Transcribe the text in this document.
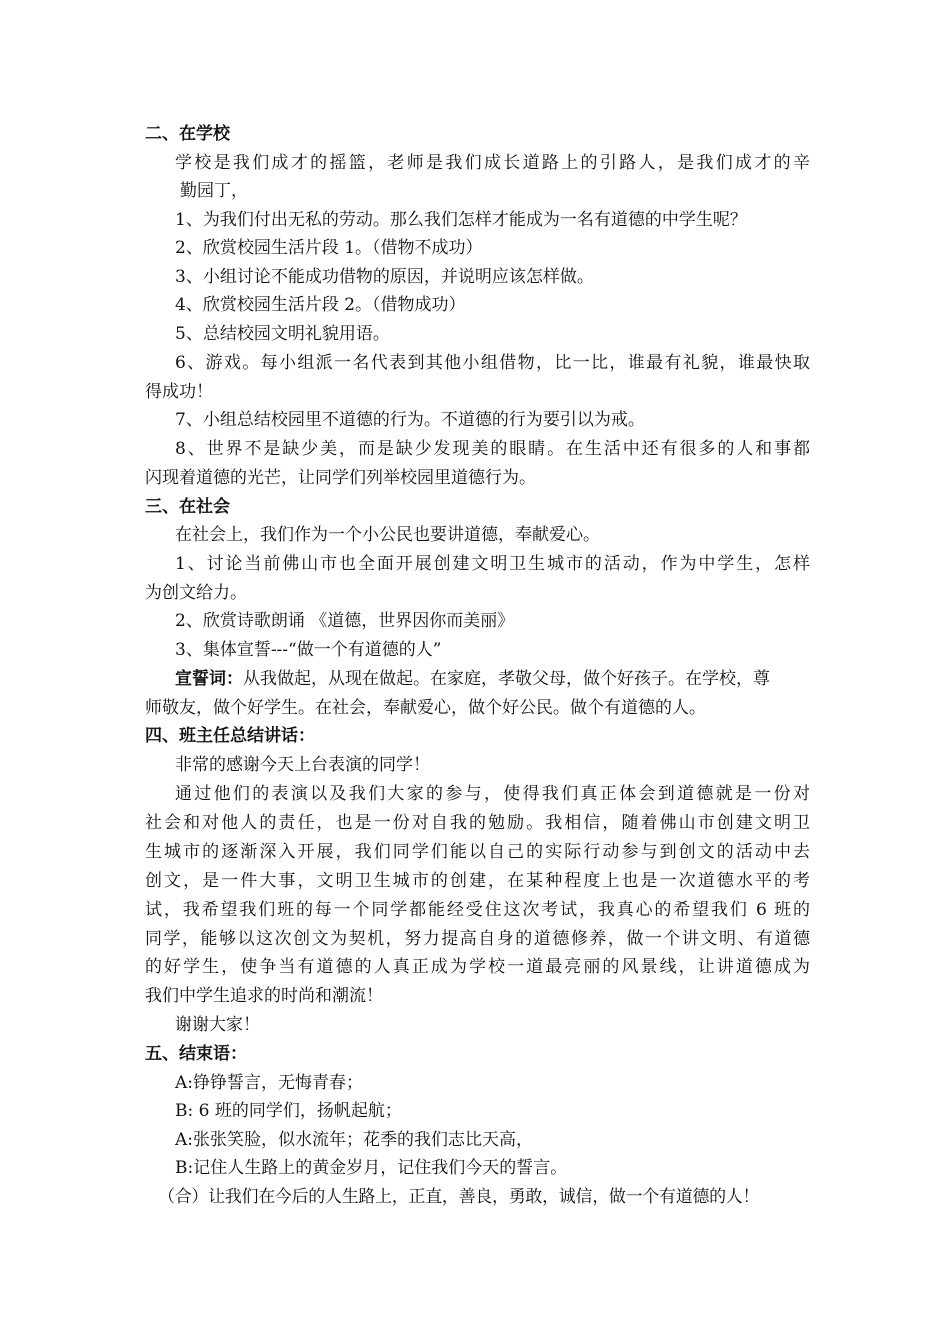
二、在学校
学校是我们成才的摇篮，老师是我们成长道路上的引路人，是我们成才的辛
勤园丁，
1、为我们付出无私的劳动。那么我们怎样才能成为一名有道德的中学生呢？
2、欣赏校园生活片段 1。（借物不成功）
3、小组讨论不能成功借物的原因，并说明应该怎样做。
4、欣赏校园生活片段 2。（借物成功）
5、总结校园文明礼貌用语。
6、游戏。每小组派一名代表到其他小组借物，比一比，谁最有礼貌，谁最快取
得成功！
7、小组总结校园里不道德的行为。不道德的行为要引以为戒。
8、世界不是缺少美，而是缺少发现美的眼睛。在生活中还有很多的人和事都
闪现着道德的光芒，让同学们列举校园里道德行为。
三、在社会
在社会上，我们作为一个小公民也要讲道德，奉献爱心。
1、讨论当前佛山市也全面开展创建文明卫生城市的活动，作为中学生，怎样
为创文给力。
2、欣赏诗歌朗诵 《道德，世界因你而美丽》
3、集体宣誓---“做一个有道德的人”
宣誓词：从我做起，从现在做起。在家庭，孝敬父母，做个好孩子。在学校，尊
师敬友，做个好学生。在社会，奉献爱心，做个好公民。做个有道德的人。
四、班主任总结讲话：
非常的感谢今天上台表演的同学！
通过他们的表演以及我们大家的参与，使得我们真正体会到道德就是一份对
社会和对他人的责任，也是一份对自我的勉励。我相信，随着佛山市创建文明卫
生城市的逐渐深入开展，我们同学们能以自己的实际行动参与到创文的活动中去
创文，是一件大事，文明卫生城市的创建，在某种程度上也是一次道德水平的考
试，我希望我们班的每一个同学都能经受住这次考试，我真心的希望我们 6 班的
同学，能够以这次创文为契机，努力提高自身的道德修养，做一个讲文明、有道德
的好学生，使争当有道德的人真正成为学校一道最亮丽的风景线，让讲道德成为
我们中学生追求的时尚和潮流！
谢谢大家！
五、结束语：
A:铮铮誓言，无悔青春；
B: 6 班的同学们，扬帆起航；
A:张张笑脸，似水流年；花季的我们志比天高，
B:记住人生路上的黄金岁月，记住我们今天的誓言。
（合）让我们在今后的人生路上，正直，善良，勇敢，诚信，做一个有道德的人！
